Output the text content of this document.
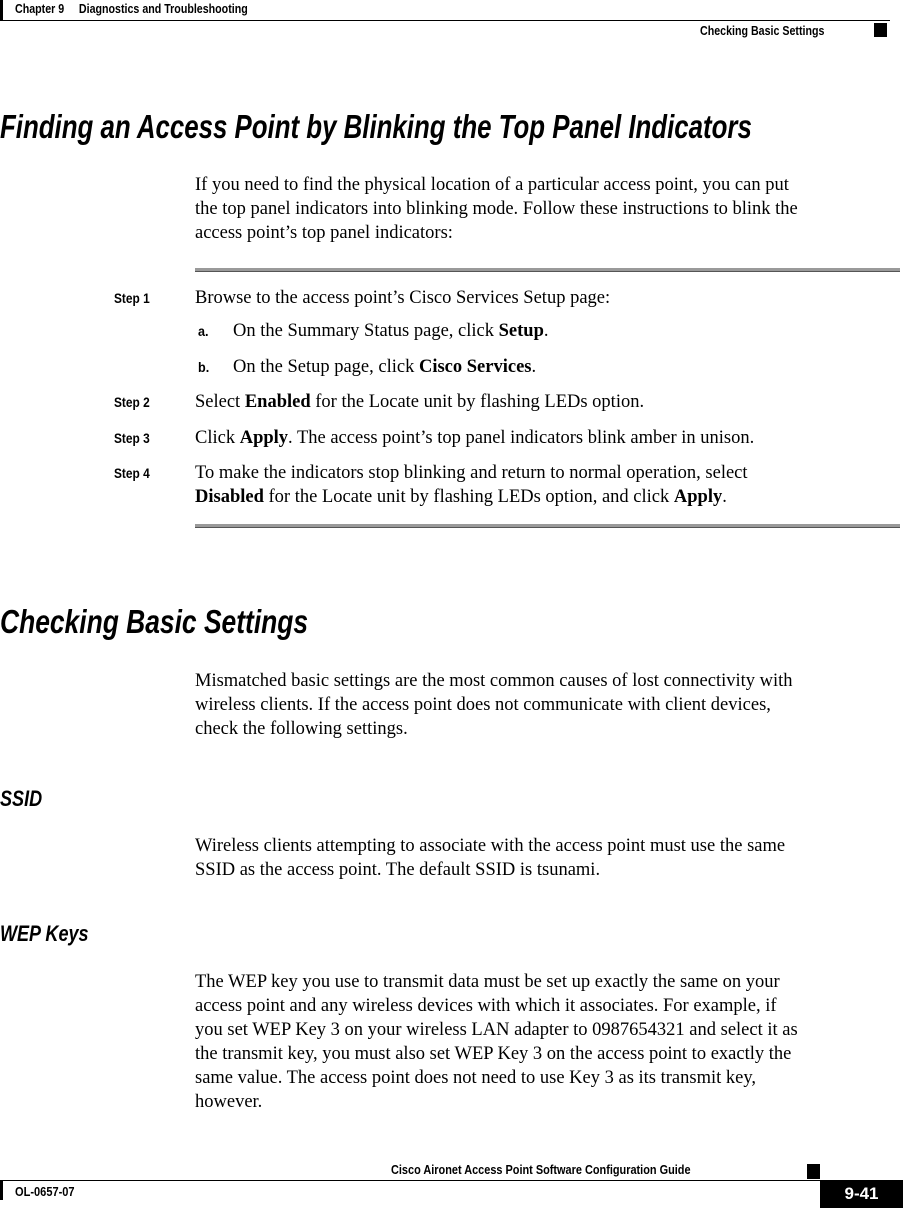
Chapter 9 Diagnostics and Troubleshooting
Checking Basic Settings
Finding an Access Point by Blinking the Top Panel Indicators
If you need to find the physical location of a particular access point, you can put
the top panel indicators into blinking mode. Follow these instructions to blink the
access point’s top panel indicators:
Step 1	Browse to the access point’s Cisco Services Setup page:
a. On the Summary Status page, click Setup.
b. On the Setup page, click Cisco Services.
Step 2	Select Enabled for the Locate unit by flashing LEDs option.
Step 3	Click Apply. The access point’s top panel indicators blink amber in unison.
Step 4	To make the indicators stop blinking and return to normal operation, select
Disabled for the Locate unit by flashing LEDs option, and click Apply.
Checking Basic Settings
Mismatched basic settings are the most common causes of lost connectivity with
wireless clients. If the access point does not communicate with client devices,
check the following settings.
SSID
Wireless clients attempting to associate with the access point must use the same
SSID as the access point. The default SSID is tsunami.
WEP Keys
The WEP key you use to transmit data must be set up exactly the same on your
access point and any wireless devices with which it associates. For example, if
you set WEP Key 3 on your wireless LAN adapter to 0987654321 and select it as
the transmit key, you must also set WEP Key 3 on the access point to exactly the
same value. The access point does not need to use Key 3 as its transmit key,
however.
Cisco Aironet Access Point Software Configuration Guide
OL-0657-07	9-41
